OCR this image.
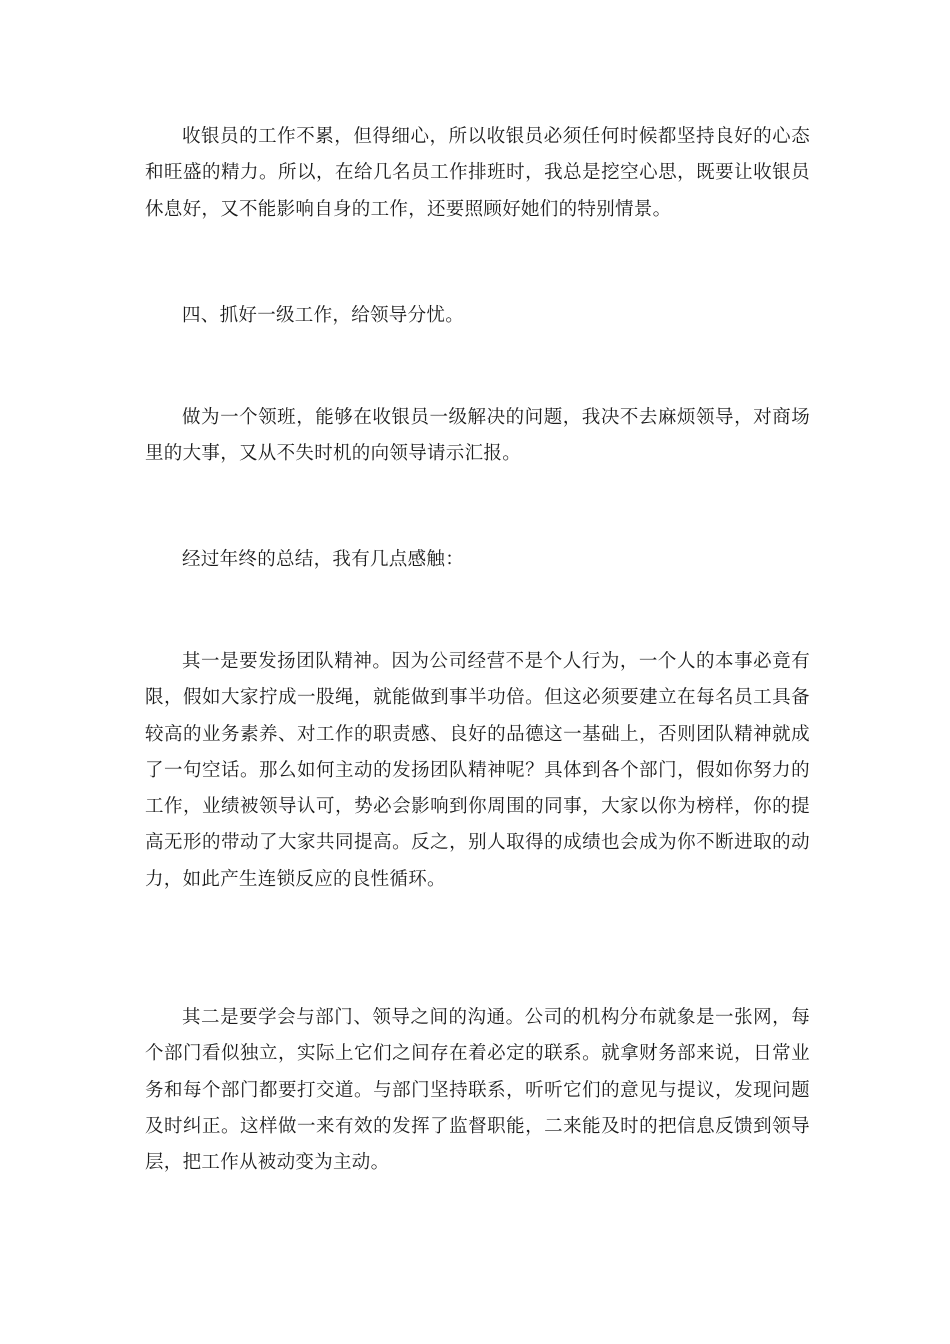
收银员的工作不累，但得细心，所以收银员必须任何时候都坚持良好的心态和旺盛的精力。所以，在给几名员工作排班时，我总是挖空心思，既要让收银员休息好，又不能影响自身的工作，还要照顾好她们的特别情景。

四、抓好一级工作，给领导分忧。

做为一个领班，能够在收银员一级解决的问题，我决不去麻烦领导，对商场里的大事，又从不失时机的向领导请示汇报。

经过年终的总结，我有几点感触：

其一是要发扬团队精神。因为公司经营不是个人行为，一个人的本事必竟有限，假如大家拧成一股绳，就能做到事半功倍。但这必须要建立在每名员工具备较高的业务素养、对工作的职责感、良好的品德这一基础上，否则团队精神就成了一句空话。那么如何主动的发扬团队精神呢？具体到各个部门，假如你努力的工作，业绩被领导认可，势必会影响到你周围的同事，大家以你为榜样，你的提高无形的带动了大家共同提高。反之，别人取得的成绩也会成为你不断进取的动力，如此产生连锁反应的良性循环。

其二是要学会与部门、领导之间的沟通。公司的机构分布就象是一张网，每个部门看似独立，实际上它们之间存在着必定的联系。就拿财务部来说，日常业务和每个部门都要打交道。与部门坚持联系，听听它们的意见与提议，发现问题及时纠正。这样做一来有效的发挥了监督职能，二来能及时的把信息反馈到领导层，把工作从被动变为主动。
